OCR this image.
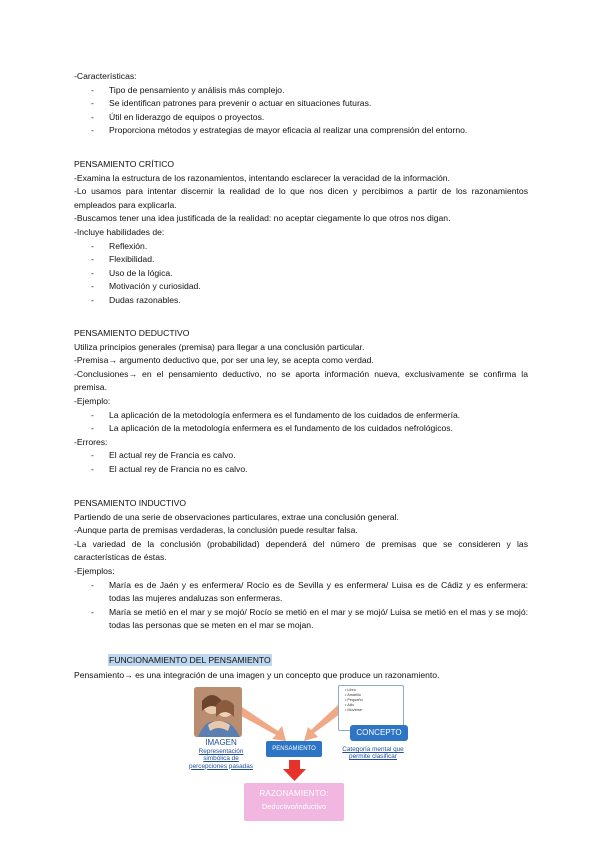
-Características:

- Tipo de pensamiento y análisis más complejo.
- Se identifican patrones para prevenir o actuar en situaciones futuras.
- Útil en liderazgo de equipos o proyectos.
- Proporciona métodos y estrategias de mayor eficacia al realizar una comprensión del entorno.

PENSAMIENTO CRÍTICO

-Examina la estructura de los razonamientos, intentando esclarecer la veracidad de la información.

-Lo usamos para intentar discernir la realidad de lo que nos dicen y percibimos a partir de los razonamientos empleados para explicarla.

-Buscamos tener una idea justificada de la realidad: no aceptar ciegamente lo que otros nos digan.

-Incluye habilidades de:

- Reflexión.
- Flexibilidad.
- Uso de la lógica.
- Motivación y curiosidad.
- Dudas razonables.

PENSAMIENTO DEDUCTIVO

Utiliza principios generales (premisa) para llegar a una conclusión particular.

-Premisa→ argumento deductivo que, por ser una ley, se acepta como verdad.

-Conclusiones→ en el pensamiento deductivo, no se aporta información nueva, exclusivamente se confirma la premisa.

-Ejemplo:

- La aplicación de la metodología enfermera es el fundamento de los cuidados de enfermería.
- La aplicación de la metodología enfermera es el fundamento de los cuidados nefrológicos.

-Errores:

- El actual rey de Francia es calvo.
- El actual rey de Francia no es calvo.

PENSAMIENTO INDUCTIVO

Partiendo de una serie de observaciones particulares, extrae una conclusión general.

-Aunque parta de premisas verdaderas, la conclusión puede resultar falsa.

-La variedad de la conclusión (probabilidad) dependerá del número de premisas que se consideren y las características de éstas.

-Ejemplos:

- María es de Jaén y es enfermera/ Rocío es de Sevilla y es enfermera/ Luisa es de Cádiz y es enfermera: todas las mujeres andaluzas son enfermeras.
- María se metió en el mar y se mojó/ Rocío se metió en el mar y se mojó/ Luisa se metió en el mas y se mojó: todas las personas que se meten en el mar se mojan.
FUNCIONAMIENTO DEL PENSAMIENTO
Pensamiento→ es una integración de una imagen y un concepto que produce un razonamiento.
IMAGEN
Representación simbólica de percepciones pasadas
• Libro
• Amarillo
• Pequeño
• Alto
• Moverse
CONCEPTO
Categoría mental que permite clasificar
PENSAMIENTO
RAZONAMIENTO:
Deductivo/inductivo
